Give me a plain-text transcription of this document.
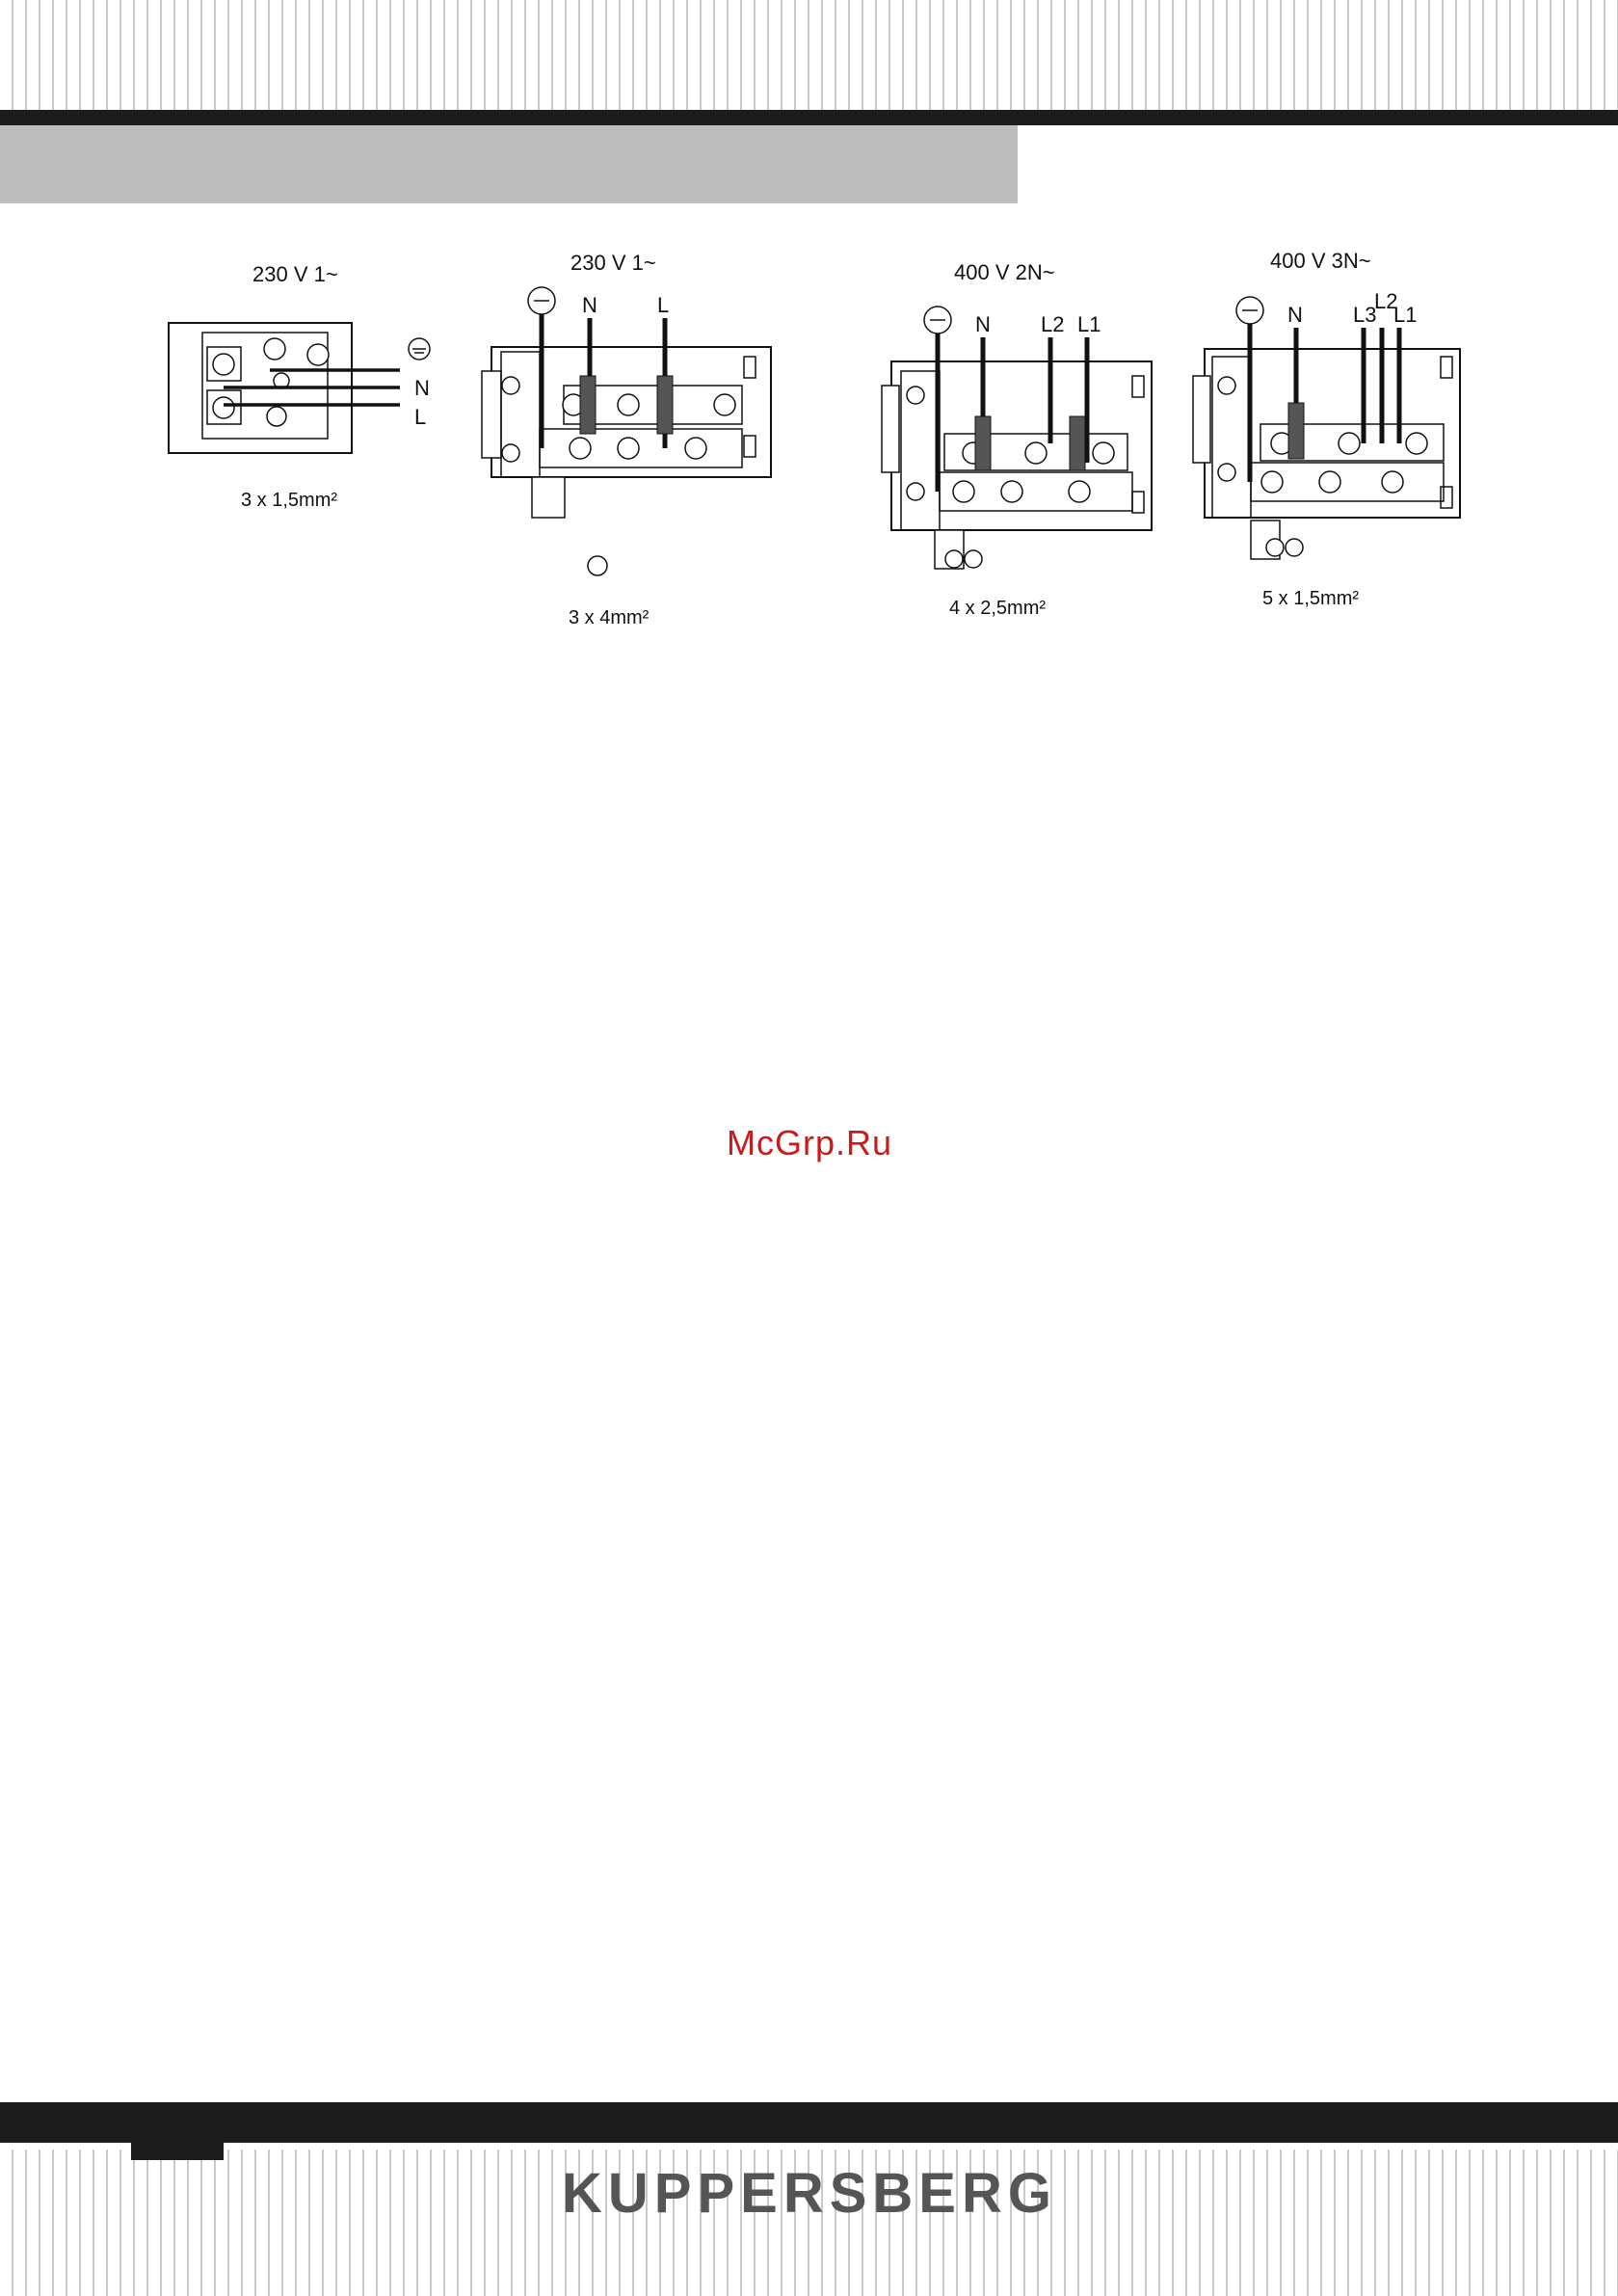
230 V 1~
N
L
3 x 1,5mm²
230 V 1~
N	L
3 x 4mm²
400 V 2N~
N L2 L1
4 x 2,5mm²
400 V 3N~
N L3
L2
L1
5 x 1,5mm²
McGrp.Ru
KUPPERSBERG
